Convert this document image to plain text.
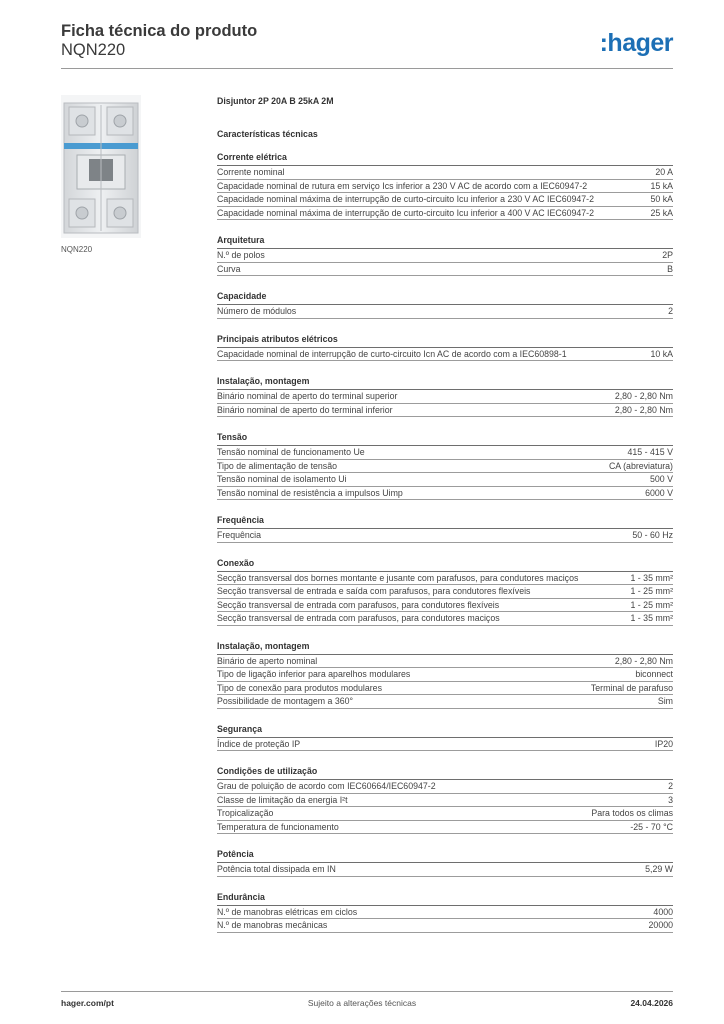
Ficha técnica do produto
NQN220	:hager
NQN220
Disjuntor 2P 20A B 25kA 2M
Características técnicas
Corrente elétrica
Corrente nominal	20 A
Capacidade nominal de rutura em serviço Ics inferior a 230 V AC de acordo com a IEC60947-2	15 kA
Capacidade nominal máxima de interrupção de curto-circuito Icu inferior a 230 V AC IEC60947-2	50 kA
Capacidade nominal máxima de interrupção de curto-circuito Icu inferior a 400 V AC IEC60947-2	25 kA
Arquitetura
N.º de polos	2P
Curva	B
Capacidade
Número de módulos	2
Principais atributos elétricos
Capacidade nominal de interrupção de curto-circuito Icn AC de acordo com a IEC60898-1	10 kA
Instalação, montagem
Binário nominal de aperto do terminal superior	2,80 - 2,80 Nm
Binário nominal de aperto do terminal inferior	2,80 - 2,80 Nm
Tensão
Tensão nominal de funcionamento Ue	415 - 415 V
Tipo de alimentação de tensão	CA (abreviatura)
Tensão nominal de isolamento Ui	500 V
Tensão nominal de resistência a impulsos Uimp	6000 V
Frequência
Frequência	50 - 60 Hz
Conexão
Secção transversal dos bornes montante e jusante com parafusos, para condutores maciços	1 - 35 mm²
Secção transversal de entrada e saída com parafusos, para condutores flexíveis	1 - 25 mm²
Secção transversal de entrada com parafusos, para condutores flexíveis	1 - 25 mm²
Secção transversal de entrada com parafusos, para condutores maciços	1 - 35 mm²
Instalação, montagem
Binário de aperto nominal	2,80 - 2,80 Nm
Tipo de ligação inferior para aparelhos modulares	biconnect
Tipo de conexão para produtos modulares	Terminal de parafuso
Possibilidade de montagem a 360°	Sim
Segurança
Índice de proteção IP	IP20
Condições de utilização
Grau de poluição de acordo com IEC60664/IEC60947-2	2
Classe de limitação da energia I²t	3
Tropicalização	Para todos os climas
Temperatura de funcionamento	-25 - 70 °C
Potência
Potência total dissipada em IN	5,29 W
Endurância
N.º de manobras elétricas em ciclos	4000
N.º de manobras mecânicas	20000
hager.com/pt	Sujeito a alterações técnicas	24.04.2026
